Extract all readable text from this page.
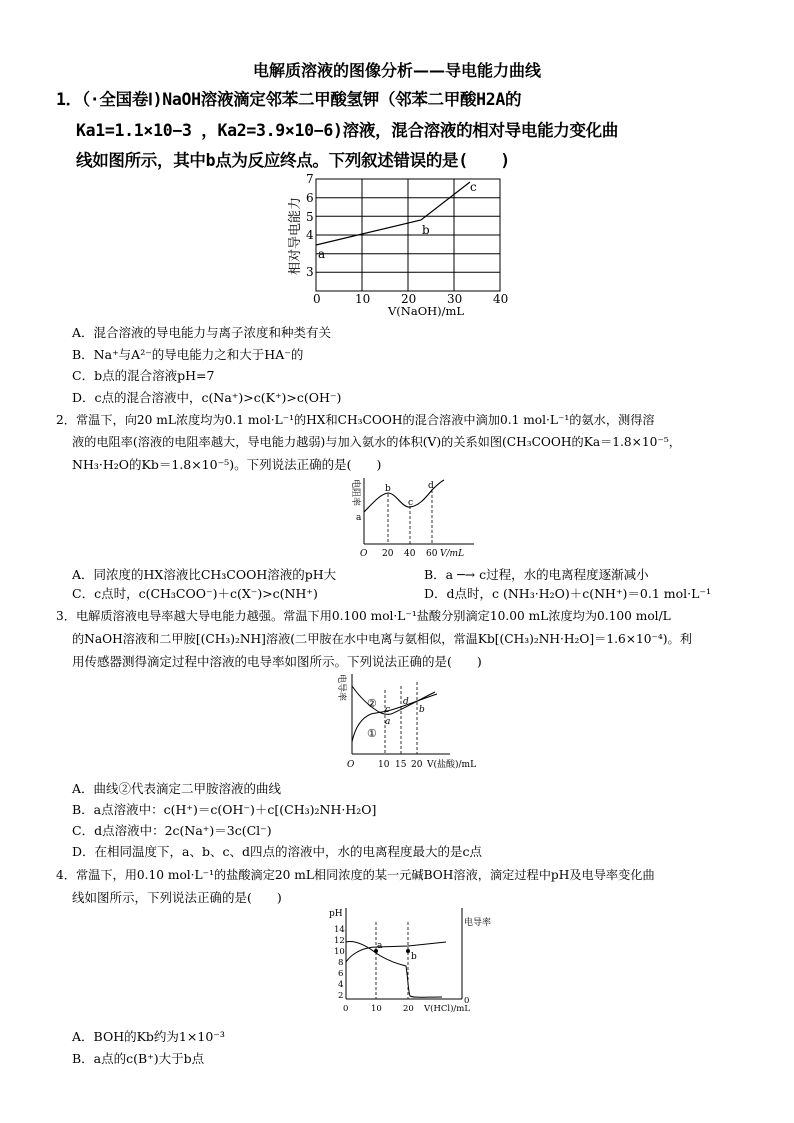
电解质溶液的图像分析——导电能力曲线
1．（·全国卷Ⅰ)NaOH溶液滴定邻苯二甲酸氢钾（邻苯二甲酸H2A的
Ka1=1.1×10−3 ，Ka2=3.9×10−6)溶液，混合溶液的相对导电能力变化曲
线如图所示，其中b点为反应终点。下列叙述错误的是(　　)
7
6
5
4
3
0	10	20	30	40
V(NaOH)/mL
相对导电能力 a
b
c
A．混合溶液的导电能力与离子浓度和种类有关
B．Na⁺与A²⁻的导电能力之和大于HA⁻的
C．b点的混合溶液pH=7
D．c点的混合溶液中，c(Na⁺)>c(K⁺)>c(OH⁻)
2．常温下，向20 mL浓度均为0.1 mol·L⁻¹的HX和CH₃COOH的混合溶液中滴加0.1 mol·L⁻¹的氨水，测得溶
液的电阻率(溶液的电阻率越大，导电能力越弱)与加入氨水的体积(V)的关系如图(CH₃COOH的Ka＝1.8×10⁻⁵，
NH₃·H₂O的Kb＝1.8×10⁻⁵)。下列说法正确的是(　　)
电阻率
a
b
c
d
O 20 40 60 V/mL
A．同浓度的HX溶液比CH₃COOH溶液的pH大	B．a ─→ c过程，水的电离程度逐渐减小
C．c点时，c(CH₃COO⁻)＋c(X⁻)>c(NH⁺)	D．d点时，c (NH₃·H₂O)＋c(NH⁺)＝0.1 mol·L⁻¹
3．电解质溶液电导率越大导电能力越强。常温下用0.100 mol·L⁻¹盐酸分别滴定10.00 mL浓度均为0.100 mol/L
的NaOH溶液和二甲胺[(CH₃)₂NH]溶液(二甲胺在水中电离与氨相似，常温Kb[(CH₃)₂NH·H₂O]＝1.6×10⁻⁴)。利
用传感器测得滴定过程中溶液的电导率如图所示。下列说法正确的是(　　)
电导率
②
①
a
b
c
d
O	10 15 20 V(盐酸)/mL
A．曲线②代表滴定二甲胺溶液的曲线
B．a点溶液中：c(H⁺)＝c(OH⁻)＋c[(CH₃)₂NH·H₂O]
C．d点溶液中：2c(Na⁺)＝3c(Cl⁻)
D．在相同温度下，a、b、c、d四点的溶液中，水的电离程度最大的是c点
4．常温下，用0.10 mol·L⁻¹的盐酸滴定20 mL相同浓度的某一元碱BOH溶液，滴定过程中pH及电导率变化曲
线如图所示，下列说法正确的是(　　)
pH
电导率
14
12
10
8
6
4
2
0	10 20 V(HCl)/mL
0
a
b
A．BOH的Kb约为1×10⁻³
B．a点的c(B⁺)大于b点
